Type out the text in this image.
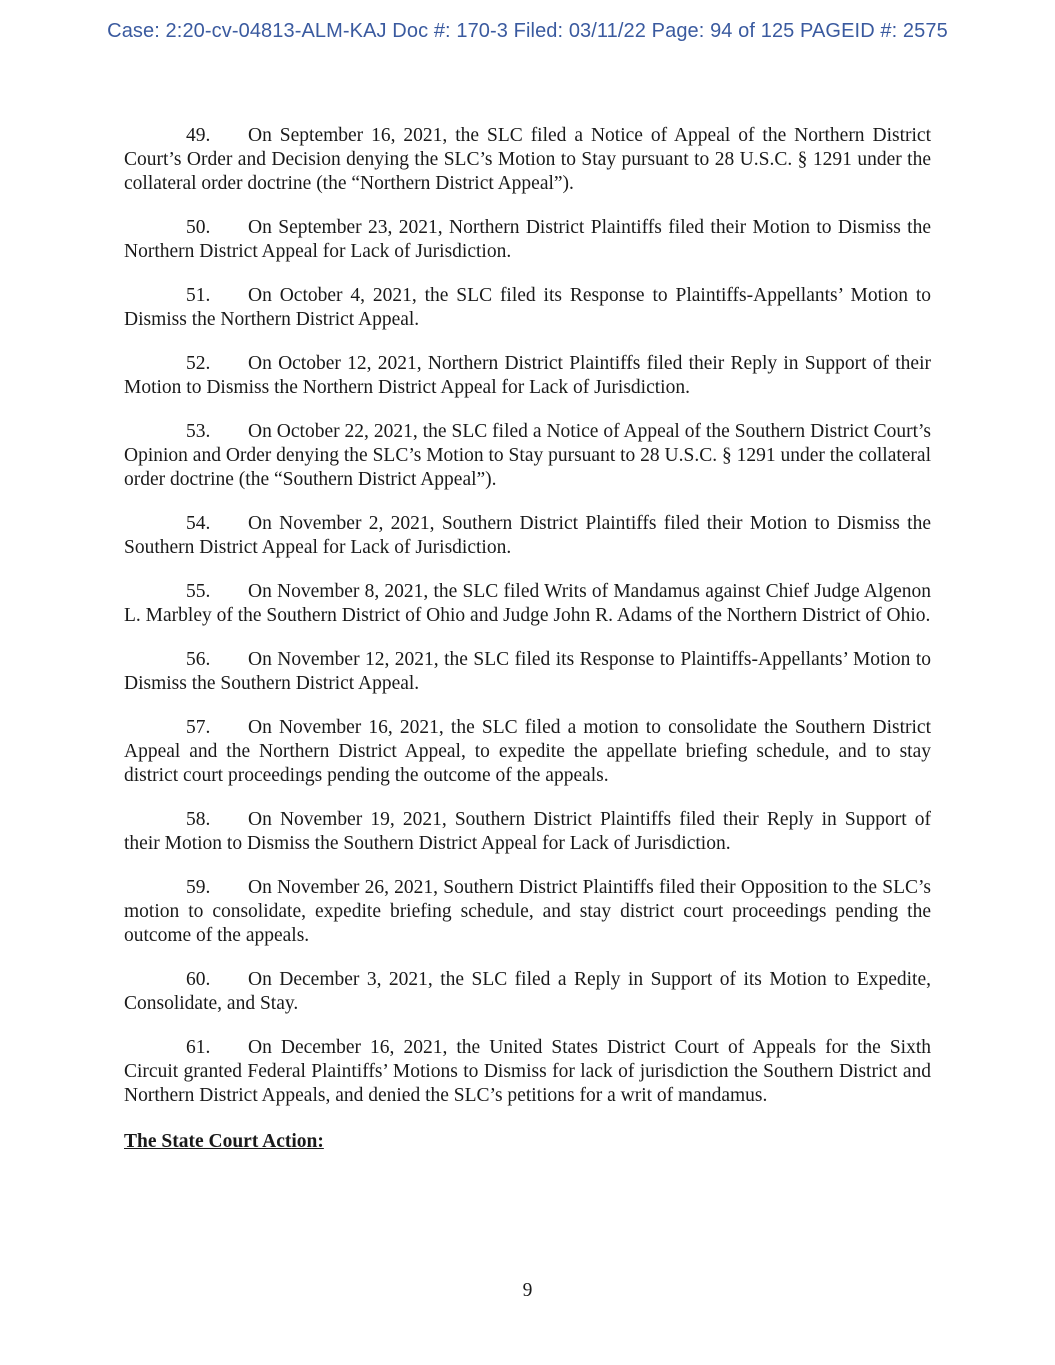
Case: 2:20-cv-04813-ALM-KAJ Doc #: 170-3 Filed: 03/11/22 Page: 94 of 125 PAGEID #: 2575

49. On September 16, 2021, the SLC filed a Notice of Appeal of the Northern District Court’s Order and Decision denying the SLC’s Motion to Stay pursuant to 28 U.S.C. § 1291 under the collateral order doctrine (the “Northern District Appeal”).

50. On September 23, 2021, Northern District Plaintiffs filed their Motion to Dismiss the Northern District Appeal for Lack of Jurisdiction.

51. On October 4, 2021, the SLC filed its Response to Plaintiffs-Appellants’ Motion to Dismiss the Northern District Appeal.

52. On October 12, 2021, Northern District Plaintiffs filed their Reply in Support of their Motion to Dismiss the Northern District Appeal for Lack of Jurisdiction.

53. On October 22, 2021, the SLC filed a Notice of Appeal of the Southern District Court’s Opinion and Order denying the SLC’s Motion to Stay pursuant to 28 U.S.C. § 1291 under the collateral order doctrine (the “Southern District Appeal”).

54. On November 2, 2021, Southern District Plaintiffs filed their Motion to Dismiss the Southern District Appeal for Lack of Jurisdiction.

55. On November 8, 2021, the SLC filed Writs of Mandamus against Chief Judge Algenon L. Marbley of the Southern District of Ohio and Judge John R. Adams of the Northern District of Ohio.

56. On November 12, 2021, the SLC filed its Response to Plaintiffs-Appellants’ Motion to Dismiss the Southern District Appeal.

57. On November 16, 2021, the SLC filed a motion to consolidate the Southern District Appeal and the Northern District Appeal, to expedite the appellate briefing schedule, and to stay district court proceedings pending the outcome of the appeals.

58. On November 19, 2021, Southern District Plaintiffs filed their Reply in Support of their Motion to Dismiss the Southern District Appeal for Lack of Jurisdiction.

59. On November 26, 2021, Southern District Plaintiffs filed their Opposition to the SLC’s motion to consolidate, expedite briefing schedule, and stay district court proceedings pending the outcome of the appeals.

60. On December 3, 2021, the SLC filed a Reply in Support of its Motion to Expedite, Consolidate, and Stay.

61. On December 16, 2021, the United States District Court of Appeals for the Sixth Circuit granted Federal Plaintiffs’ Motions to Dismiss for lack of jurisdiction the Southern District and Northern District Appeals, and denied the SLC’s petitions for a writ of mandamus.

The State Court Action:
9
